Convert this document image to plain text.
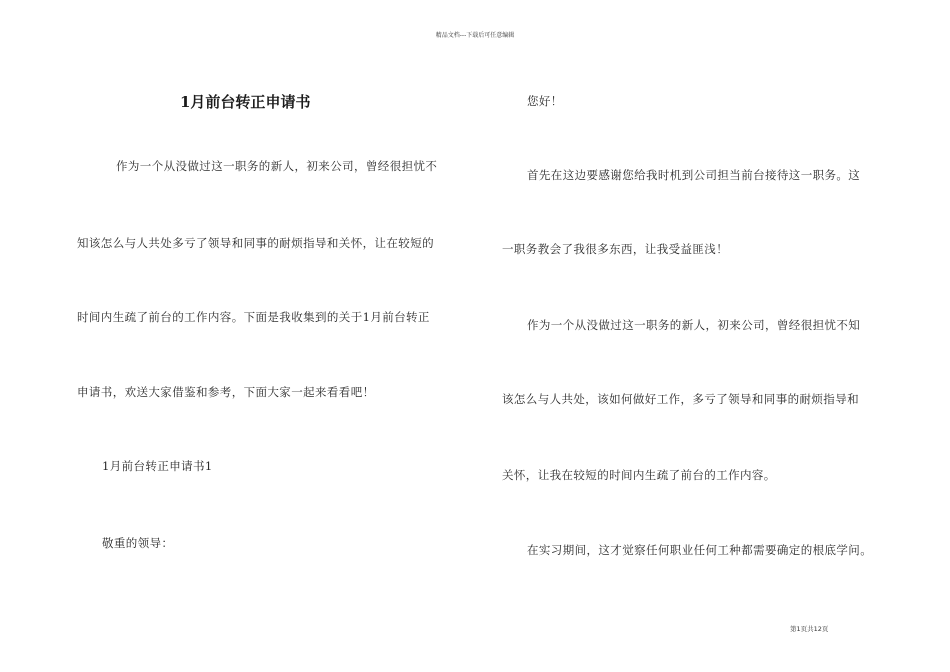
精品文档---下载后可任意编辑
1月前台转正申请书
作为一个从没做过这一职务的新人，初来公司，曾经很担忧不
知该怎么与人共处多亏了领导和同事的耐烦指导和关怀，让在较短的
时间内生疏了前台的工作内容。下面是我收集到的关于1月前台转正
申请书，欢送大家借鉴和参考，下面大家一起来看看吧！
1月前台转正申请书1
敬重的领导：
您好！
首先在这边要感谢您给我时机到公司担当前台接待这一职务。这
一职务教会了我很多东西，让我受益匪浅！
作为一个从没做过这一职务的新人，初来公司，曾经很担忧不知
该怎么与人共处，该如何做好工作，多亏了领导和同事的耐烦指导和
关怀，让我在较短的时间内生疏了前台的工作内容。
在实习期间，这才觉察任何职业任何工种都需要确定的根底学问。
第1页共12页
